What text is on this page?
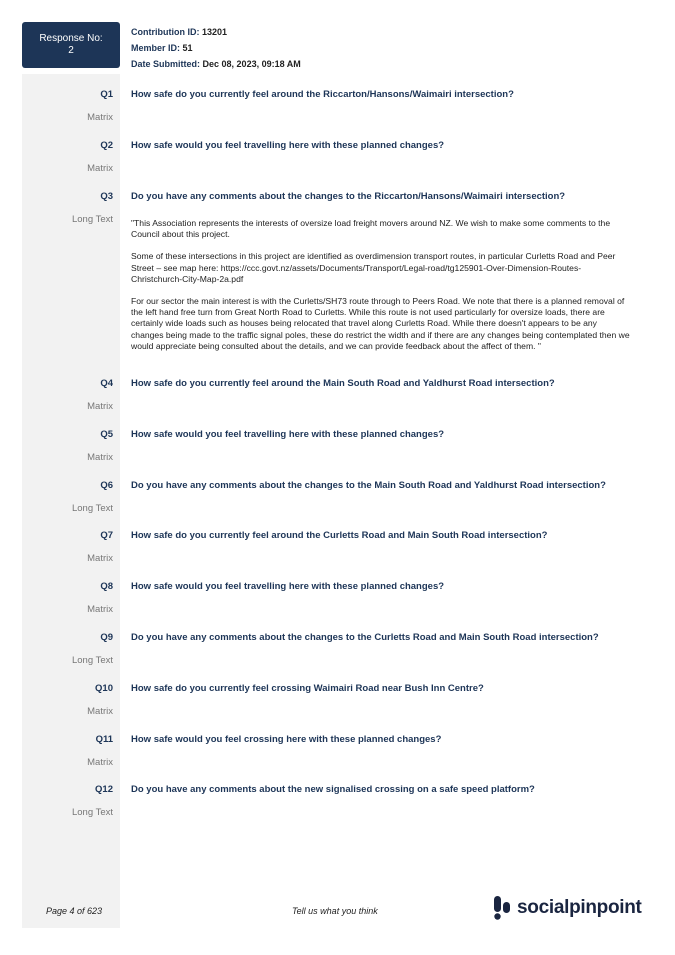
Response No:
2
Contribution ID: 13201
Member ID: 51
Date Submitted: Dec 08, 2023, 09:18 AM
Q1 How safe do you currently feel around the Riccarton/Hansons/Waimairi intersection?
Matrix
Q2 How safe would you feel travelling here with these planned changes?
Matrix
Q3 Do you have any comments about the changes to the Riccarton/Hansons/Waimairi intersection?
Long Text
Q4 How safe do you currently feel around the Main South Road and Yaldhurst Road intersection?
Matrix
Q5 How safe would you feel travelling here with these planned changes?
Matrix
Q6 Do you have any comments about the changes to the Main South Road and Yaldhurst Road intersection?
Long Text
Q7 How safe do you currently feel around the Curletts Road and Main South Road intersection?
Matrix
Q8 How safe would you feel travelling here with these planned changes?
Matrix
Q9 Do you have any comments about the changes to the Curletts Road and Main South Road intersection?
Long Text
Q10 How safe do you currently feel crossing Waimairi Road near Bush Inn Centre?
Matrix
Q11 How safe would you feel crossing here with these planned changes?
Matrix
Q12 Do you have any comments about the new signalised crossing on a safe speed platform?
Long Text

"This Association represents the interests of oversize load freight movers around NZ. We wish to make some comments to the Council about this project.

Some of these intersections in this project are identified as overdimension transport routes, in particular Curletts Road and Peer Street – see map here: https://ccc.govt.nz/assets/Documents/Transport/Legal-road/tg125901-Over-Dimension-Routes-Christchurch-City-Map-2a.pdf

For our sector the main interest is with the Curletts/SH73 route through to Peers Road. We note that there is a planned removal of the left hand free turn from Great North Road to Curletts. While this route is not used particularly for oversize loads, there are certainly wide loads such as houses being relocated that travel along Curletts Road. While there doesn't appears to be any changes being made to the traffic signal poles, these do restrict the width and if there are any changes being contemplated then we would appreciate being consulted about the details, and we can provide feedback about the affect of them. "

Page 4 of 623	Tell us what you think	socialpinpoint
